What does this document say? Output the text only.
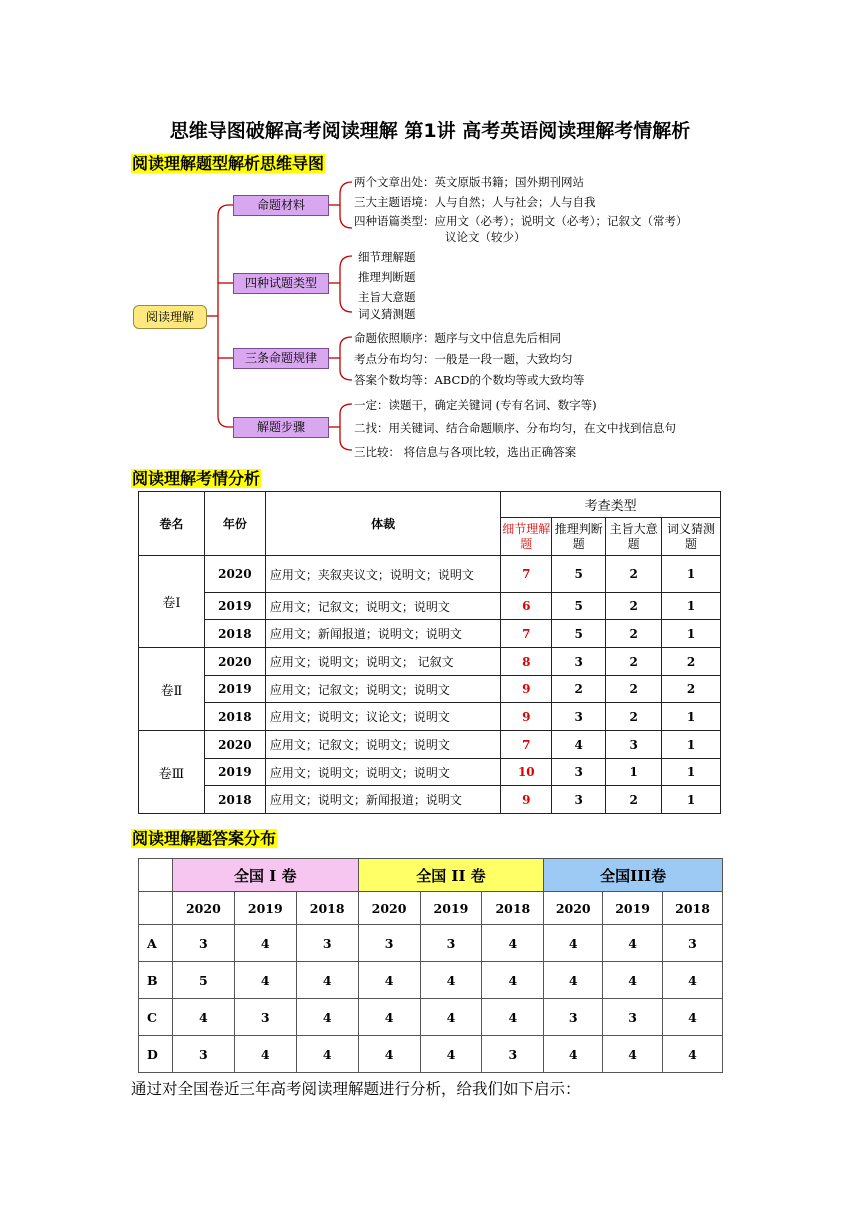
思维导图破解高考阅读理解 第1讲 高考英语阅读理解考情解析
阅读理解题型解析思维导图
阅读理解
命题材料
四种试题类型
三条命题规律
解题步骤
两个文章出处：英文原版书籍；国外期刊网站
三大主题语境：人与自然；人与社会；人与自我
四种语篇类型：应用文（必考）；说明文（必考）；记叙文（常考）
议论文（较少）
细节理解题
推理判断题
主旨大意题
词义猜测题
命题依照顺序：题序与文中信息先后相同
考点分布均匀：一般是一段一题，大致均匀
答案个数均等：ABCD的个数均等或大致均等
一定：读题干，确定关键词 (专有名词、数字等)
二找：用关键词、结合命题顺序、分布均匀，在文中找到信息句
三比较： 将信息与各项比较，选出正确答案
阅读理解考情分析
卷名	年份	体裁	考查类型			
			细节理解题	推理判断题	主旨大意题	词义猜测题
卷Ⅰ	2020	应用文；夹叙夹议文；说明文；说明文	7	5	2	1
	2019	应用文；记叙文；说明文；说明文	6	5	2	1
	2018	应用文；新闻报道；说明文；说明文	7	5	2	1
卷Ⅱ	2020	应用文；说明文；说明文； 记叙文	8	3	2	2
	2019	应用文；记叙文；说明文；说明文	9	2	2	2
	2018	应用文；说明文；议论文；说明文	9	3	2	1
卷Ⅲ	2020	应用文；记叙文；说明文；说明文	7	4	3	1
	2019	应用文；说明文；说明文；说明文	10	3	1	1
	2018	应用文；说明文；新闻报道；说明文	9	3	2	1
阅读理解题答案分布
	全国 I 卷			全国 II 卷			全国III卷		
	2020	2019	2018	2020	2019	2018	2020	2019	2018
A	3	4	3	3	3	4	4	4	3
B	5	4	4	4	4	4	4	4	4
C	4	3	4	4	4	4	3	3	4
D	3	4	4	4	4	3	4	4	4
通过对全国卷近三年高考阅读理解题进行分析，给我们如下启示：
